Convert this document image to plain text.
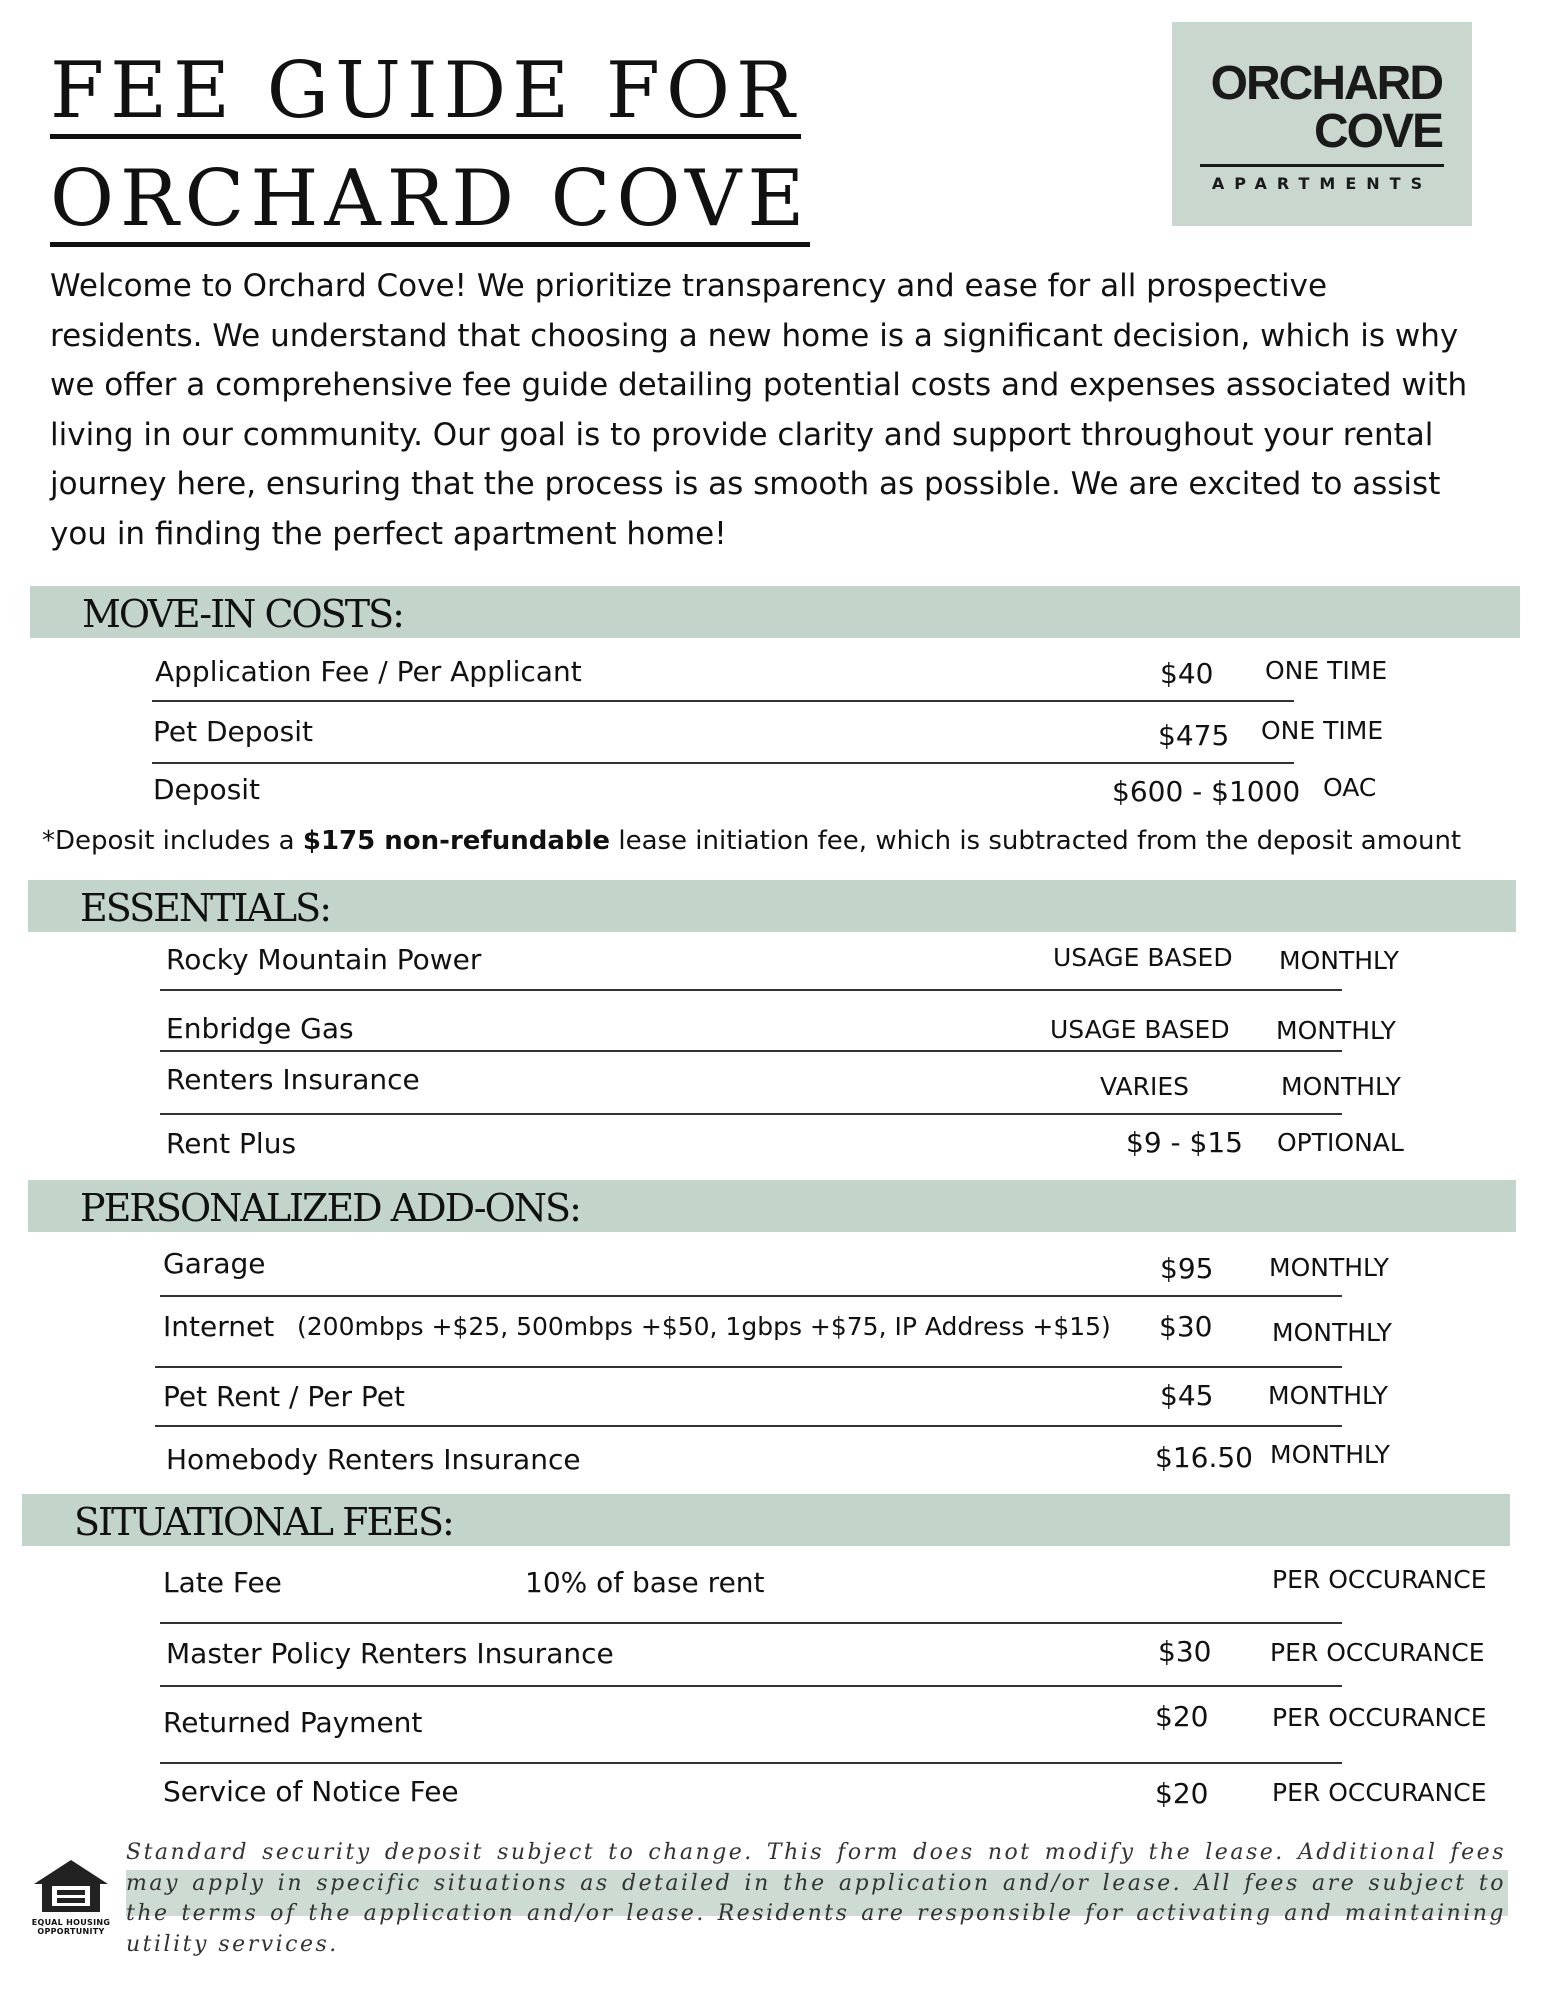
FEE GUIDE FOR
ORCHARD COVE
ORCHARD
COVE
APARTMENTS
Welcome to Orchard Cove! We prioritize transparency and ease for all prospective residents. We understand that choosing a new home is a significant decision, which is why we offer a comprehensive fee guide detailing potential costs and expenses associated with living in our community. Our goal is to provide clarity and support throughout your rental journey here, ensuring that the process is as smooth as possible. We are excited to assist you in finding the perfect apartment home!
MOVE-IN COSTS:
Application Fee / Per Applicant	$40 ONE TIME
Pet Deposit	$475 ONE TIME
Deposit	$600 - $1000 OAC
*Deposit includes a $175 non-refundable lease initiation fee, which is subtracted from the deposit amount
ESSENTIALS:
Rocky Mountain Power	USAGE BASED MONTHLY
Enbridge Gas	USAGE BASED MONTHLY
Renters Insurance	VARIES	MONTHLY
Rent Plus	$9 - $15 OPTIONAL
PERSONALIZED ADD-ONS:
Garage	$95 MONTHLY
Internet (200mbps +$25, 500mbps +$50, 1gbps +$75, IP Address +$15) $30 MONTHLY
Pet Rent / Per Pet	$45 MONTHLY
Homebody Renters Insurance	$16.50 MONTHLY
SITUATIONAL FEES:
Late Fee	10% of base rent	PER OCCURANCE
Master Policy Renters Insurance	$30 PER OCCURANCE
Returned Payment	$20	PER OCCURANCE
Service of Notice Fee	$20	PER OCCURANCE
Standard security deposit subject to change. This form does not modify the lease. Additional fees may apply in specific situations as detailed in the application and/or lease. All fees are subject to the terms of the application and/or lease. Residents are responsible for activating and maintaining utility services.
EQUAL HOUSING
OPPORTUNITY
